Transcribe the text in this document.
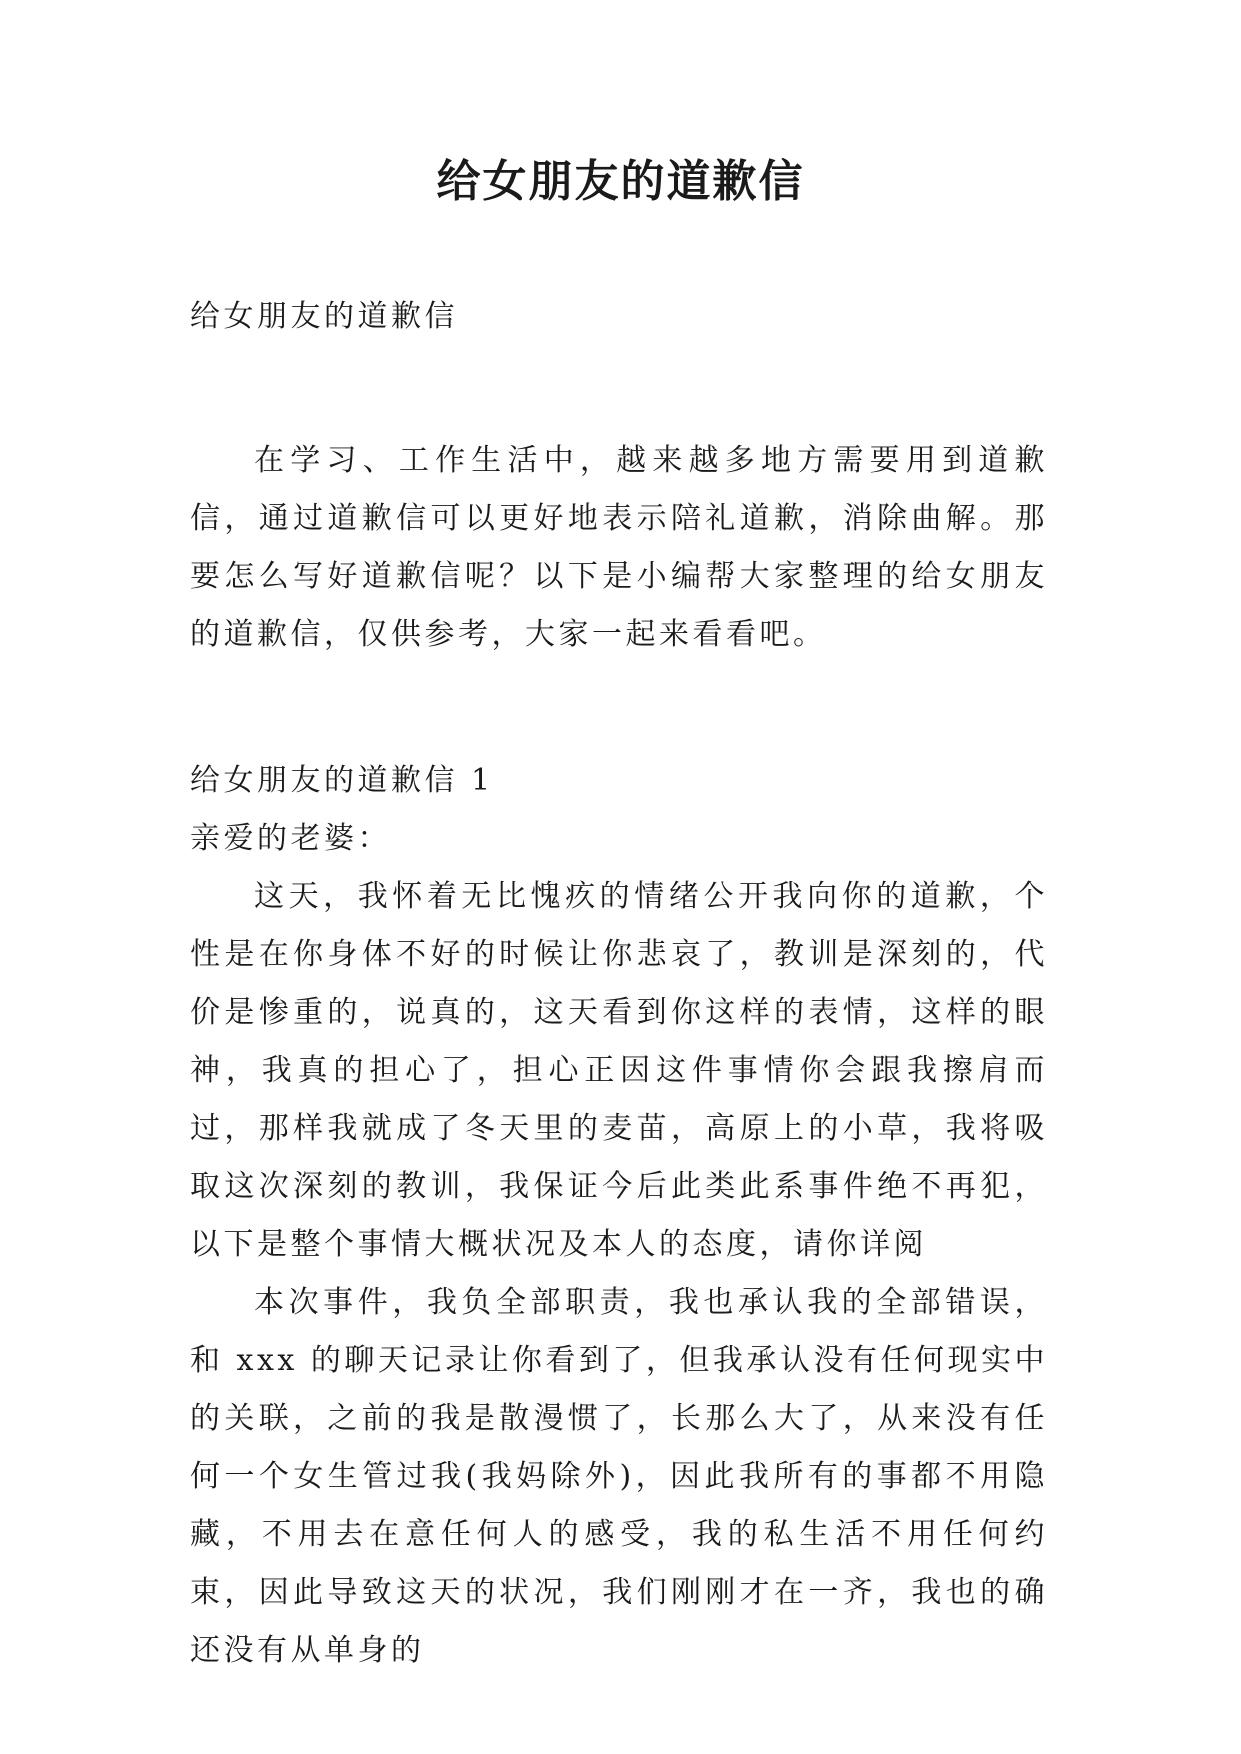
给女朋友的道歉信

给女朋友的道歉信

在学习、工作生活中，越来越多地方需要用到道歉信，通过道歉信可以更好地表示陪礼道歉，消除曲解。那要怎么写好道歉信呢？以下是小编帮大家整理的给女朋友的道歉信，仅供参考，大家一起来看看吧。

给女朋友的道歉信 1

亲爱的老婆：

这天，我怀着无比愧疚的情绪公开我向你的道歉，个性是在你身体不好的时候让你悲哀了，教训是深刻的，代价是惨重的，说真的，这天看到你这样的表情，这样的眼神，我真的担心了，担心正因这件事情你会跟我擦肩而过，那样我就成了冬天里的麦苗，高原上的小草，我将吸取这次深刻的教训，我保证今后此类此系事件绝不再犯，以下是整个事情大概状况及本人的态度，请你详阅

本次事件，我负全部职责，我也承认我的全部错误，和 xxx 的聊天记录让你看到了，但我承认没有任何现实中的关联，之前的我是散漫惯了，长那么大了，从来没有任何一个女生管过我(我妈除外)，因此我所有的事都不用隐藏，不用去在意任何人的感受，我的私生活不用任何约束，因此导致这天的状况，我们刚刚才在一齐，我也的确还没有从单身的
